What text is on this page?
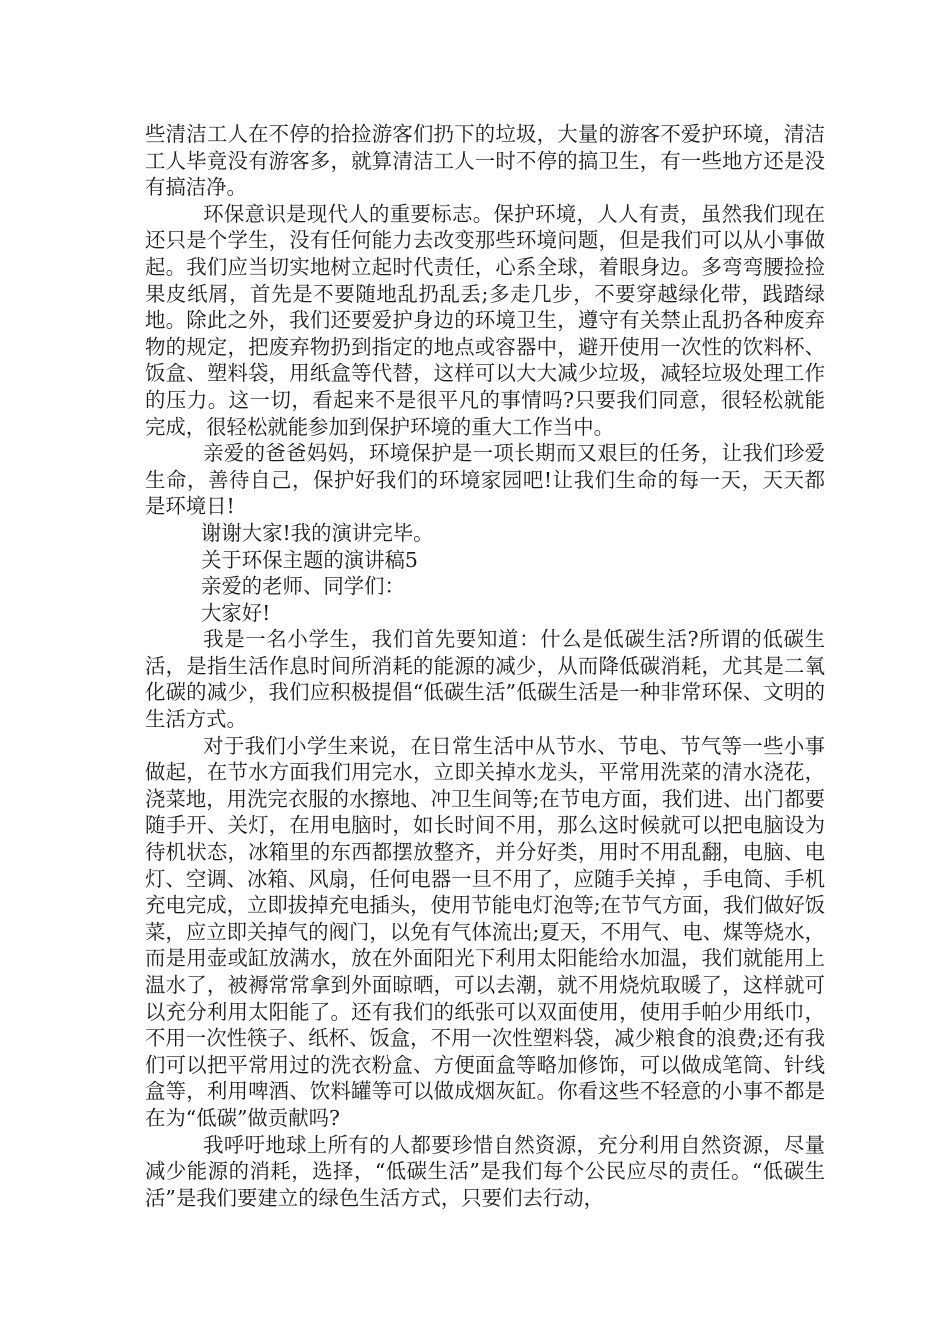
些清洁工人在不停的拾捡游客们扔下的垃圾，大量的游客不爱护环境，清洁工人毕竟没有游客多，就算清洁工人一时不停的搞卫生，有一些地方还是没有搞洁净。

环保意识是现代人的重要标志。保护环境，人人有责，虽然我们现在还只是个学生，没有任何能力去改变那些环境问题，但是我们可以从小事做起。我们应当切实地树立起时代责任，心系全球，着眼身边。多弯弯腰捡捡果皮纸屑，首先是不要随地乱扔乱丢;多走几步，不要穿越绿化带，践踏绿地。除此之外，我们还要爱护身边的环境卫生，遵守有关禁止乱扔各种废弃物的规定，把废弃物扔到指定的地点或容器中，避开使用一次性的饮料杯、饭盒、塑料袋，用纸盒等代替，这样可以大大减少垃圾，减轻垃圾处理工作的压力。这一切，看起来不是很平凡的事情吗?只要我们同意，很轻松就能完成，很轻松就能参加到保护环境的重大工作当中。

亲爱的爸爸妈妈，环境保护是一项长期而又艰巨的任务，让我们珍爱生命，善待自己，保护好我们的环境家园吧!让我们生命的每一天，天天都是环境日!

谢谢大家!我的演讲完毕。

关于环保主题的演讲稿5

亲爱的老师、同学们：

大家好!

我是一名小学生，我们首先要知道：什么是低碳生活?所谓的低碳生活，是指生活作息时间所消耗的能源的减少，从而降低碳消耗，尤其是二氧化碳的减少，我们应积极提倡“低碳生活”低碳生活是一种非常环保、文明的生活方式。

对于我们小学生来说，在日常生活中从节水、节电、节气等一些小事做起，在节水方面我们用完水，立即关掉水龙头，平常用洗菜的清水浇花，浇菜地，用洗完衣服的水擦地、冲卫生间等;在节电方面，我们进、出门都要随手开、关灯，在用电脑时，如长时间不用，那么这时候就可以把电脑设为待机状态，冰箱里的东西都摆放整齐，并分好类，用时不用乱翻，电脑、电灯、空调、冰箱、风扇，任何电器一旦不用了，应随手关掉 ，手电筒、手机充电完成，立即拔掉充电插头，使用节能电灯泡等;在节气方面，我们做好饭菜，应立即关掉气的阀门，以免有气体流出;夏天，不用气、电、煤等烧水，而是用壶或缸放满水，放在外面阳光下利用太阳能给水加温，我们就能用上温水了，被褥常常拿到外面晾晒，可以去潮，就不用烧炕取暖了，这样就可以充分利用太阳能了。还有我们的纸张可以双面使用，使用手帕少用纸巾，不用一次性筷子、纸杯、饭盒，不用一次性塑料袋，减少粮食的浪费;还有我们可以把平常用过的洗衣粉盒、方便面盒等略加修饰，可以做成笔筒、针线盒等，利用啤酒、饮料罐等可以做成烟灰缸。你看这些不轻意的小事不都是在为“低碳”做贡献吗?

我呼吁地球上所有的人都要珍惜自然资源，充分利用自然资源，尽量减少能源的消耗，选择，“低碳生活”是我们每个公民应尽的责任。“低碳生活”是我们要建立的绿色生活方式，只要们去行动，
